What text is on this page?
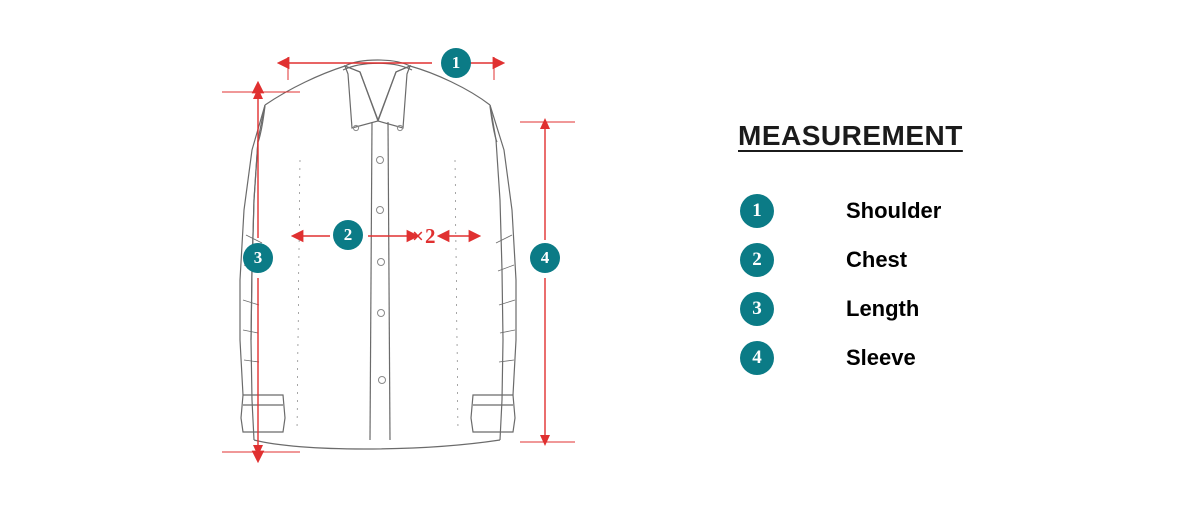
1
2
3	4
×2
MEASUREMENT
1	Shoulder
2	Chest
3	Length
4	Sleeve
